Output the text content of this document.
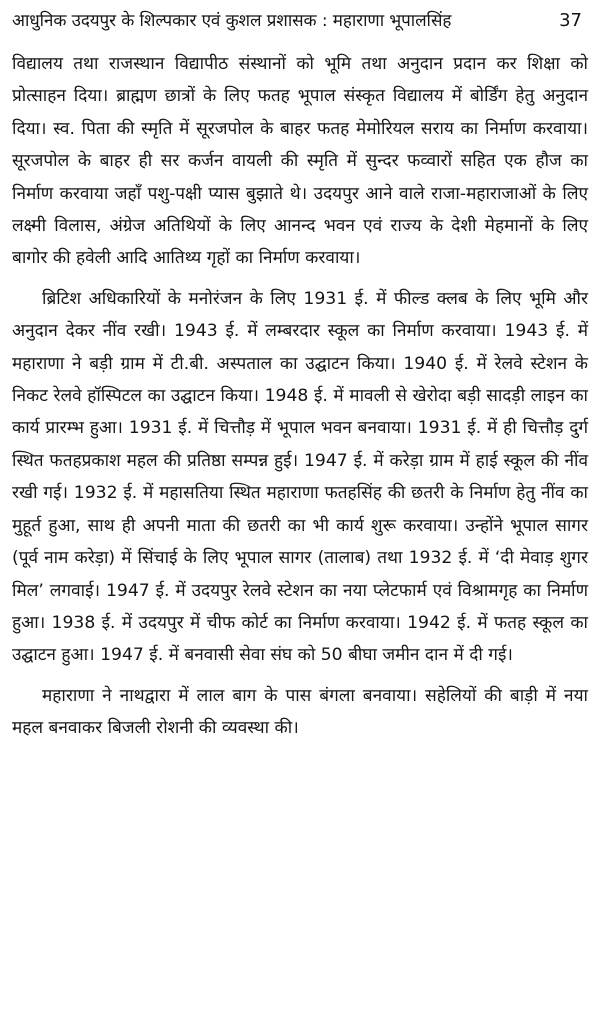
आधुनिक उदयपुर के शिल्पकार एवं कुशल प्रशासक : महाराणा भूपालसिंह	37

विद्यालय तथा राजस्थान विद्यापीठ संस्थानों को भूमि तथा अनुदान प्रदान कर शिक्षा को प्रोत्साहन दिया। ब्राह्मण छात्रों के लिए फतह भूपाल संस्कृत विद्यालय में बोर्डिंग हेतु अनुदान दिया। स्व. पिता की स्मृति में सूरजपोल के बाहर फतह मेमोरियल सराय का निर्माण करवाया। सूरजपोल के बाहर ही सर कर्जन वायली की स्मृति में सुन्दर फव्वारों सहित एक हौज का निर्माण करवाया जहाँ पशु-पक्षी प्यास बुझाते थे। उदयपुर आने वाले राजा-महाराजाओं के लिए लक्ष्मी विलास, अंग्रेज अतिथियों के लिए आनन्द भवन एवं राज्य के देशी मेहमानों के लिए बागोर की हवेली आदि आतिथ्य गृहों का निर्माण करवाया।

ब्रिटिश अधिकारियों के मनोरंजन के लिए 1931 ई. में फील्ड क्लब के लिए भूमि और अनुदान देकर नींव रखी। 1943 ई. में लम्बरदार स्कूल का निर्माण करवाया। 1943 ई. में महाराणा ने बड़ी ग्राम में टी.बी. अस्पताल का उद्घाटन किया। 1940 ई. में रेलवे स्टेशन के निकट रेलवे हॉस्पिटल का उद्घाटन किया। 1948 ई. में मावली से खेरोदा बड़ी सादड़ी लाइन का कार्य प्रारम्भ हुआ। 1931 ई. में चित्तौड़ में भूपाल भवन बनवाया। 1931 ई. में ही चित्तौड़ दुर्ग स्थित फतहप्रकाश महल की प्रतिष्ठा सम्पन्न हुई। 1947 ई. में करेड़ा ग्राम में हाई स्कूल की नींव रखी गई। 1932 ई. में महासतिया स्थित महाराणा फतहसिंह की छतरी के निर्माण हेतु नींव का मुहूर्त हुआ, साथ ही अपनी माता की छतरी का भी कार्य शुरू करवाया। उन्होंने भूपाल सागर (पूर्व नाम करेड़ा) में सिंचाई के लिए भूपाल सागर (तालाब) तथा 1932 ई. में ‘दी मेवाड़ शुगर मिल’ लगवाई। 1947 ई. में उदयपुर रेलवे स्टेशन का नया प्लेटफार्म एवं विश्रामगृह का निर्माण हुआ। 1938 ई. में उदयपुर में चीफ कोर्ट का निर्माण करवाया। 1942 ई. में फतह स्कूल का उद्घाटन हुआ। 1947 ई. में बनवासी सेवा संघ को 50 बीघा जमीन दान में दी गई।

महाराणा ने नाथद्वारा में लाल बाग के पास बंगला बनवाया। सहेलियों की बाड़ी में नया महल बनवाकर बिजली रोशनी की व्यवस्था की।
